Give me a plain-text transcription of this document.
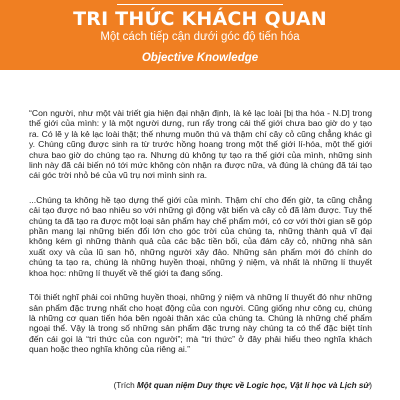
TRI THỨC KHÁCH QUAN
Một cách tiếp cận dưới góc độ tiến hóa
Objective Knowledge

“Con người, như một vài triết gia hiện đại nhận định, là kẻ lạc loài [bị tha hóa - N.D] trong thế giới của mình: y là một người dưng, run rẩy trong cái thế giới chưa bao giờ do y tạo ra. Có lẽ y là kẻ lạc loài thật; thế nhưng muôn thú và thậm chí cây cỏ cũng chẳng khác gì y. Chúng cũng được sinh ra từ trước hồng hoang trong một thế giới lí-hóa, một thế giới chưa bao giờ do chúng tạo ra. Nhưng dù không tự tạo ra thế giới của mình, những sinh linh này đã cải biến nó tới mức không còn nhận ra được nữa, và đúng là chúng đã tái tạo cái góc trời nhỏ bé của vũ trụ nơi mình sinh ra.

...Chúng ta không hề tạo dựng thế giới của mình. Thậm chí cho đến giờ, ta cũng chẳng cải tạo được nó bao nhiêu so với những gì động vật biển và cây cỏ đã làm được. Tuy thế chúng ta đã tạo ra được một loại sản phẩm hay chế phẩm mới, có cơ với thời gian sẽ góp phần mang lại những biến đổi lớn cho góc trời của chúng ta, những thành quả vĩ đại không kém gì những thành quả của các bậc tiền bối, của đám cây cỏ, những nhà sản xuất oxy và của lũ san hô, những người xây đảo. Những sản phẩm mới đó chính do chúng ta tạo ra, chúng là những huyền thoại, những ý niệm, và nhất là những lí thuyết khoa học: những lí thuyết về thế giới ta đang sống.

Tôi thiết nghĩ phải coi những huyền thoại, những ý niệm và những lí thuyết đó như những sản phẩm đặc trưng nhất cho hoạt động của con người. Cũng giống như công cụ, chúng là những cơ quan tiến hóa bên ngoài thân xác của chúng ta. Chúng là những chế phẩm ngoại thể. Vậy là trong số những sản phẩm đặc trưng này chúng ta có thể đặc biệt tính đến cái gọi là “tri thức của con người”; mà “tri thức” ở đây phải hiểu theo nghĩa khách quan hoặc theo nghĩa không của riêng ai.”

(Trích Một quan niệm Duy thực về Logic học, Vật lí học và Lịch sử)
